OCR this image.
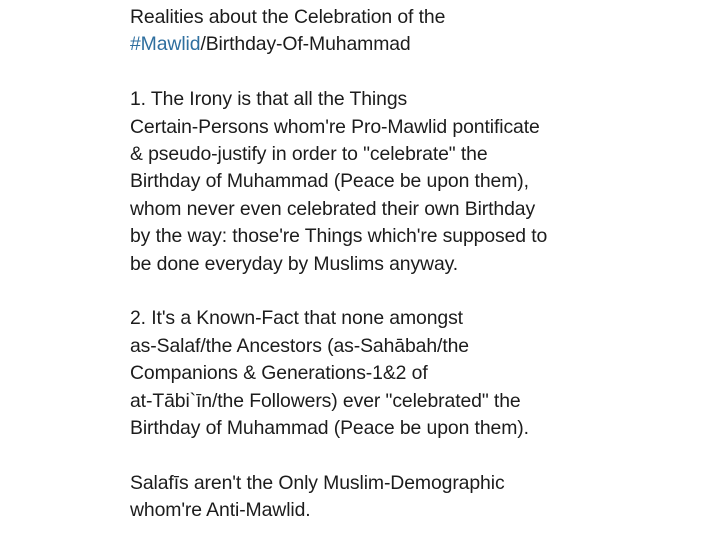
Realities about the Celebration of the
#Mawlid/Birthday-Of-Muhammad
1. The Irony is that all the Things
Certain-Persons whom're Pro-Mawlid pontificate
& pseudo-justify in order to "celebrate" the
Birthday of Muhammad (Peace be upon them),
whom never even celebrated their own Birthday
by the way: those're Things which're supposed to
be done everyday by Muslims anyway.
2. It's a Known-Fact that none amongst
as-Salaf/the Ancestors (as-Sahābah/the
Companions & Generations-1&2 of
at-Tābi`īn/the Followers) ever "celebrated" the
Birthday of Muhammad (Peace be upon them).
Salafīs aren't the Only Muslim-Demographic
whom're Anti-Mawlid.
